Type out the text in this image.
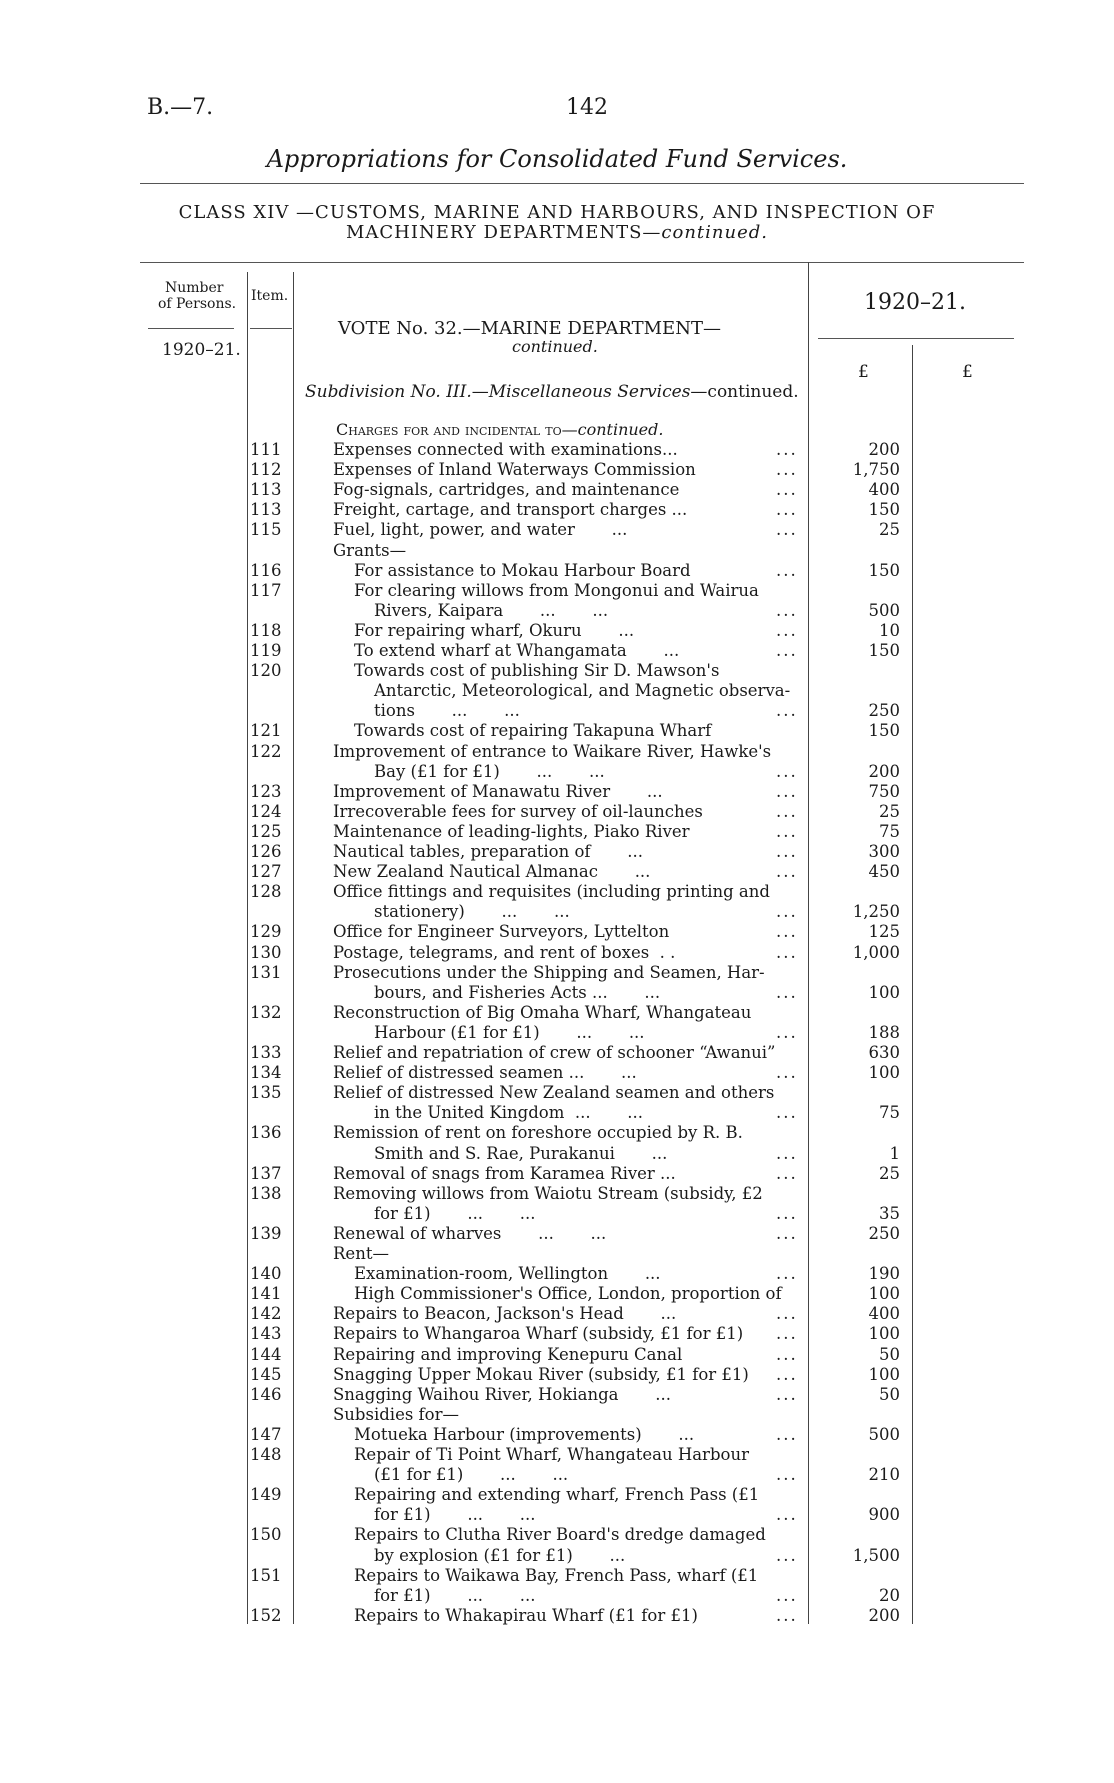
B.—7.	142
Appropriations for Consolidated Fund Services.
CLASS XIV —CUSTOMS, MARINE AND HARBOURS, AND INSPECTION OF
MACHINERY DEPARTMENTS—continued.
Number
of Persons. Item.
1920–21.
1920–21.
£	£
VOTE No. 32.—MARINE DEPARTMENT—
continued.
Subdivision No. III.—Miscellaneous Services—continued.
Charges for and incidental to—continued.
111	Expenses connected with examinations...	...	200
112	Expenses of Inland Waterways Commission	...	1,750
113	Fog-signals, cartridges, and maintenance	...	400
113	Freight, cartage, and transport charges ...	...	150
115	Fuel, light, power, and water       ...	...	25
Grants—
116	For assistance to Mokau Harbour Board	...	150
117	For clearing willows from Mongonui and Wairua
Rivers, Kaipara       ...       ...	...	500
118	For repairing wharf, Okuru       ...	...	10
119	To extend wharf at Whangamata       ...	...	150
120	Towards cost of publishing Sir D. Mawson's
Antarctic, Meteorological, and Magnetic observa-
tions       ...       ...	...	250
121	Towards cost of repairing Takapuna Wharf	150
122	Improvement of entrance to Waikare River, Hawke's
Bay (£1 for £1)       ...       ...	...	200
123	Improvement of Manawatu River       ...	...	750
124	Irrecoverable fees for survey of oil-launches	...	25
125	Maintenance of leading-lights, Piako River	...	75
126	Nautical tables, preparation of       ...	...	300
127	New Zealand Nautical Almanac       ...	...	450
128	Office fittings and requisites (including printing and
stationery)       ...       ...	...	1,250
129	Office for Engineer Surveyors, Lyttelton	...	125
130	Postage, telegrams, and rent of boxes  . .	...	1,000
131	Prosecutions under the Shipping and Seamen, Har-
bours, and Fisheries Acts ...       ...	...	100
132	Reconstruction of Big Omaha Wharf, Whangateau
Harbour (£1 for £1)       ...       ...	...	188
133	Relief and repatriation of crew of schooner “Awanui”	630
134	Relief of distressed seamen ...       ...	...	100
135	Relief of distressed New Zealand seamen and others
in the United Kingdom  ...       ...	...	75
136	Remission of rent on foreshore occupied by R. B.
Smith and S. Rae, Purakanui       ...	...	1
137	Removal of snags from Karamea River ...	...	25
138	Removing willows from Waiotu Stream (subsidy, £2
for £1)       ...       ...	...	35
139	Renewal of wharves       ...       ...	...	250
Rent—
140	Examination-room, Wellington       ...	...	190
141	High Commissioner's Office, London, proportion of	100
142	Repairs to Beacon, Jackson's Head       ...	...	400
143	Repairs to Whangaroa Wharf (subsidy, £1 for £1) ...	100
144	Repairing and improving Kenepuru Canal	...	50
145	Snagging Upper Mokau River (subsidy, £1 for £1) ...	100
146	Snagging Waihou River, Hokianga       ...	...	50
Subsidies for—
147	Motueka Harbour (improvements)       ...	...	500
148	Repair of Ti Point Wharf, Whangateau Harbour
(£1 for £1)       ...       ...	...	210
149	Repairing and extending wharf, French Pass (£1
for £1)       ...       ...	...	900
150	Repairs to Clutha River Board's dredge damaged
by explosion (£1 for £1)       ...	...	1,500
151	Repairs to Waikawa Bay, French Pass, wharf (£1
for £1)       ...       ...	...	20
152	Repairs to Whakapirau Wharf (£1 for £1)	...	200
